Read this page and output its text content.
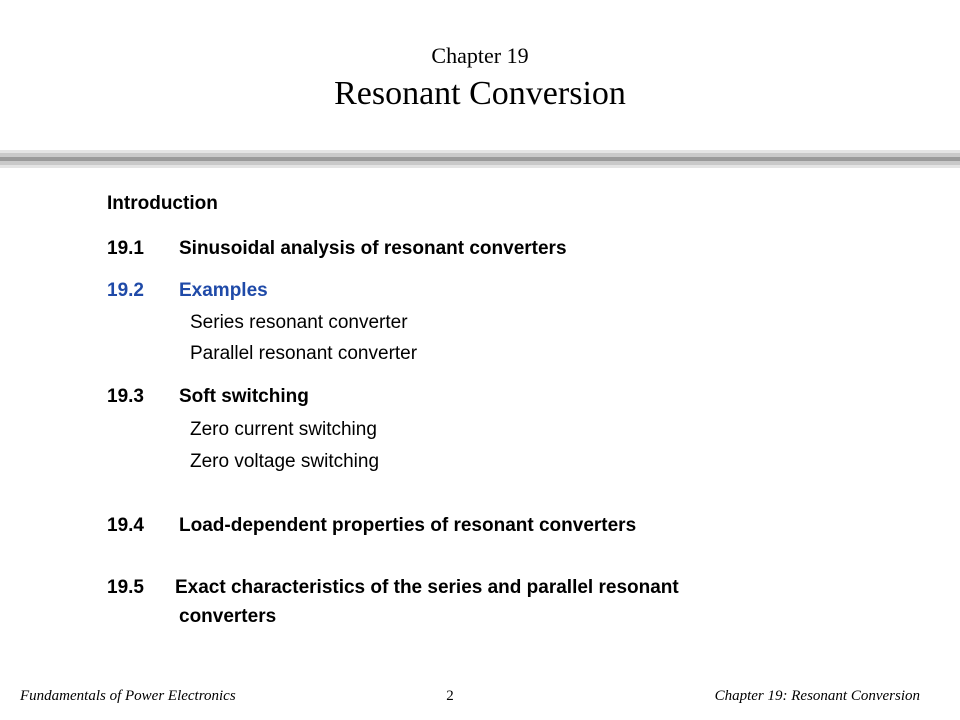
Chapter 19
Resonant Conversion
Introduction
19.1 Sinusoidal analysis of resonant converters
19.2 Examples
Series resonant converter
Parallel resonant converter
19.3 Soft switching
Zero current switching
Zero voltage switching
19.4 Load-dependent properties of resonant converters
19.5 Exact characteristics of the series and parallel resonant
converters
Fundamentals of Power Electronics	2	Chapter 19: Resonant Conversion
